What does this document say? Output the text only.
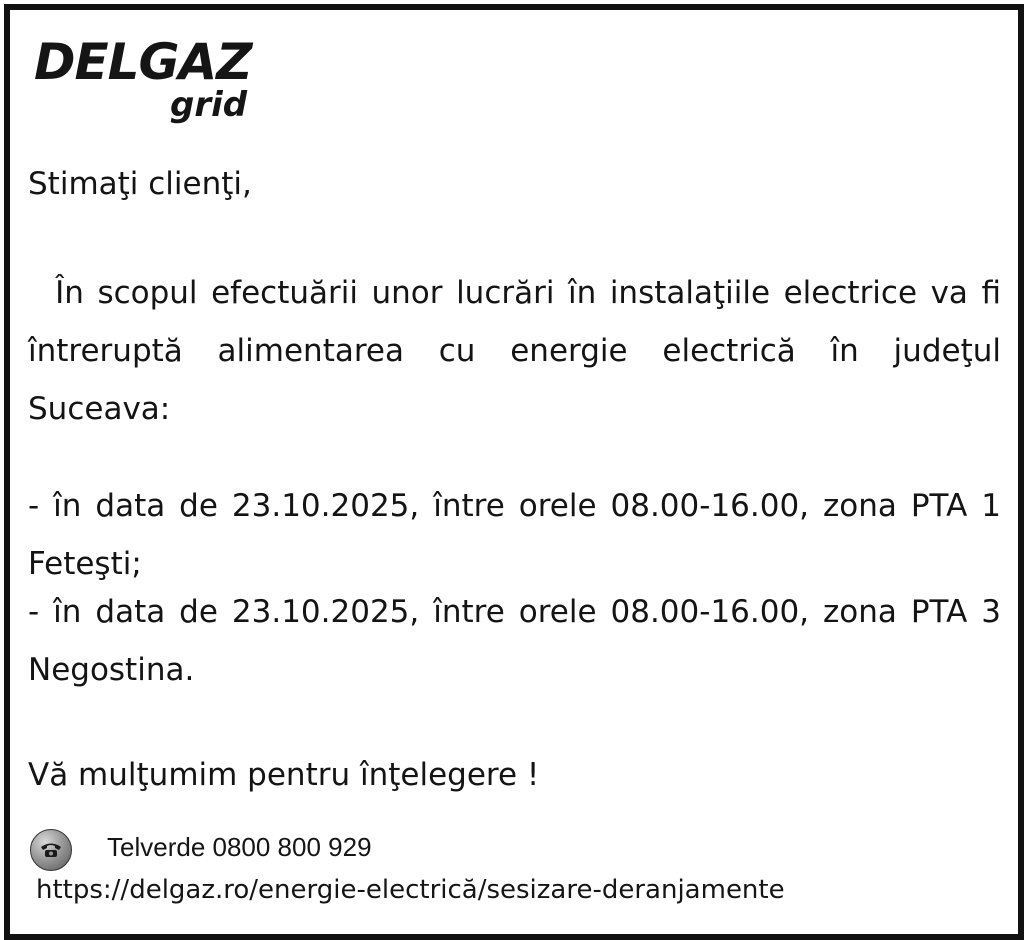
DELGAZ
grid

Stimaţi clienţi,

În scopul efectuării unor lucrări în instalaţiile electrice va fi întreruptă alimentarea cu energie electrică în judeţul Suceava:

- în data de 23.10.2025, între orele 08.00-16.00, zona PTA 1 Feteşti;

- în data de 23.10.2025, între orele 08.00-16.00, zona PTA 3 Negostina.

Vă mulţumim pentru înţelegere !

Telverde 0800 800 929
https://delgaz.ro/energie-electrică/sesizare-deranjamente
